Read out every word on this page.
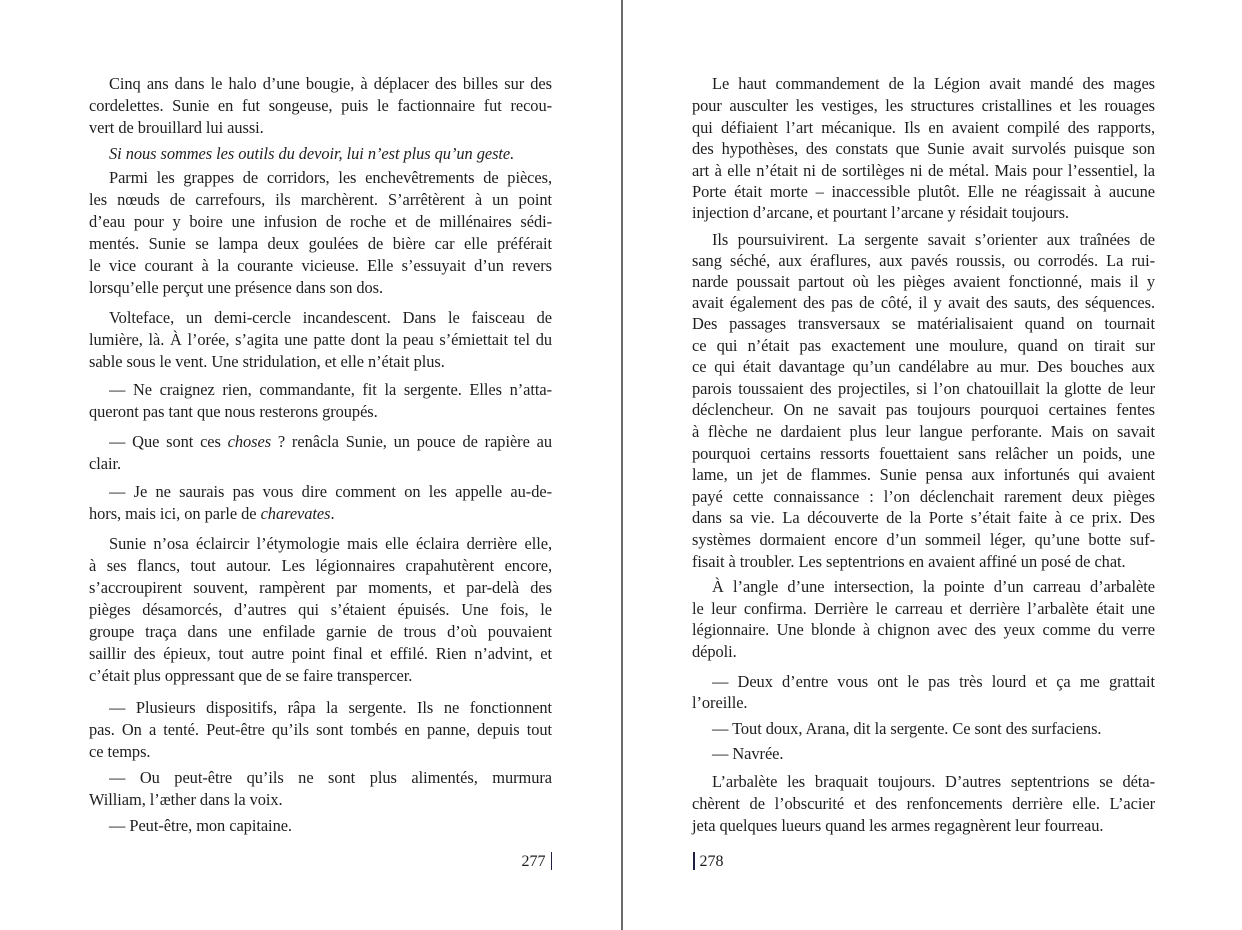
277
Cinq ans dans le halo d’une bougie, à déplacer des billes sur des
cordelettes. Sunie en fut songeuse, puis le factionnaire fut recou-
vert de brouillard lui aussi.
Si nous sommes les outils du devoir, lui n’est plus qu’un geste.
Parmi les grappes de corridors, les enchevêtrements de pièces,
les nœuds de carrefours, ils marchèrent. S’arrêtèrent à un point
d’eau pour y boire une infusion de roche et de millénaires sédi-
mentés. Sunie se lampa deux goulées de bière car elle préférait
le vice courant à la courante vicieuse. Elle s’essuyait d’un revers
lorsqu’elle perçut une présence dans son dos.
Volteface, un demi-cercle incandescent. Dans le faisceau de
lumière, là. À l’orée, s’agita une patte dont la peau s’émiettait tel du
sable sous le vent. Une stridulation, et elle n’était plus.
— Ne craignez rien, commandante, fit la sergente. Elles n’atta-
queront pas tant que nous resterons groupés.
— Que sont ces choses ? renâcla Sunie, un pouce de rapière au
clair.
— Je ne saurais pas vous dire comment on les appelle au-de-
hors, mais ici, on parle de charevates.
Sunie n’osa éclaircir l’étymologie mais elle éclaira derrière elle,
à ses flancs, tout autour. Les légionnaires crapahutèrent encore,
s’accroupirent souvent, rampèrent par moments, et par-delà des
pièges désamorcés, d’autres qui s’étaient épuisés. Une fois, le
groupe traça dans une enfilade garnie de trous d’où pouvaient
saillir des épieux, tout autre point final et effilé. Rien n’advint, et
c’était plus oppressant que de se faire transpercer.
— Plusieurs dispositifs, râpa la sergente. Ils ne fonctionnent
pas. On a tenté. Peut-être qu’ils sont tombés en panne, depuis tout
ce temps.
— Ou peut-être qu’ils ne sont plus alimentés, murmura
William, l’æther dans la voix.
— Peut-être, mon capitaine.
278
Le haut commandement de la Légion avait mandé des mages
pour ausculter les vestiges, les structures cristallines et les rouages
qui défiaient l’art mécanique. Ils en avaient compilé des rapports,
des hypothèses, des constats que Sunie avait survolés puisque son
art à elle n’était ni de sortilèges ni de métal. Mais pour l’essentiel, la
Porte était morte – inaccessible plutôt. Elle ne réagissait à aucune
injection d’arcane, et pourtant l’arcane y résidait toujours.
Ils poursuivirent. La sergente savait s’orienter aux traînées de
sang séché, aux éraflures, aux pavés roussis, ou corrodés. La rui-
narde poussait partout où les pièges avaient fonctionné, mais il y
avait également des pas de côté, il y avait des sauts, des séquences.
Des passages transversaux se matérialisaient quand on tournait
ce qui n’était pas exactement une moulure, quand on tirait sur
ce qui était davantage qu’un candélabre au mur. Des bouches aux
parois toussaient des projectiles, si l’on chatouillait la glotte de leur
déclencheur. On ne savait pas toujours pourquoi certaines fentes
à flèche ne dardaient plus leur langue perforante. Mais on savait
pourquoi certains ressorts fouettaient sans relâcher un poids, une
lame, un jet de flammes. Sunie pensa aux infortunés qui avaient
payé cette connaissance : l’on déclenchait rarement deux pièges
dans sa vie. La découverte de la Porte s’était faite à ce prix. Des
systèmes dormaient encore d’un sommeil léger, qu’une botte suf-
fisait à troubler. Les septentrions en avaient affiné un posé de chat.
À l’angle d’une intersection, la pointe d’un carreau d’arbalète
le leur confirma. Derrière le carreau et derrière l’arbalète était une
légionnaire. Une blonde à chignon avec des yeux comme du verre
dépoli.
— Deux d’entre vous ont le pas très lourd et ça me grattait
l’oreille.
— Tout doux, Arana, dit la sergente. Ce sont des surfaciens.
— Navrée.
L’arbalète les braquait toujours. D’autres septentrions se déta-
chèrent de l’obscurité et des renfoncements derrière elle. L’acier
jeta quelques lueurs quand les armes regagnèrent leur fourreau.
